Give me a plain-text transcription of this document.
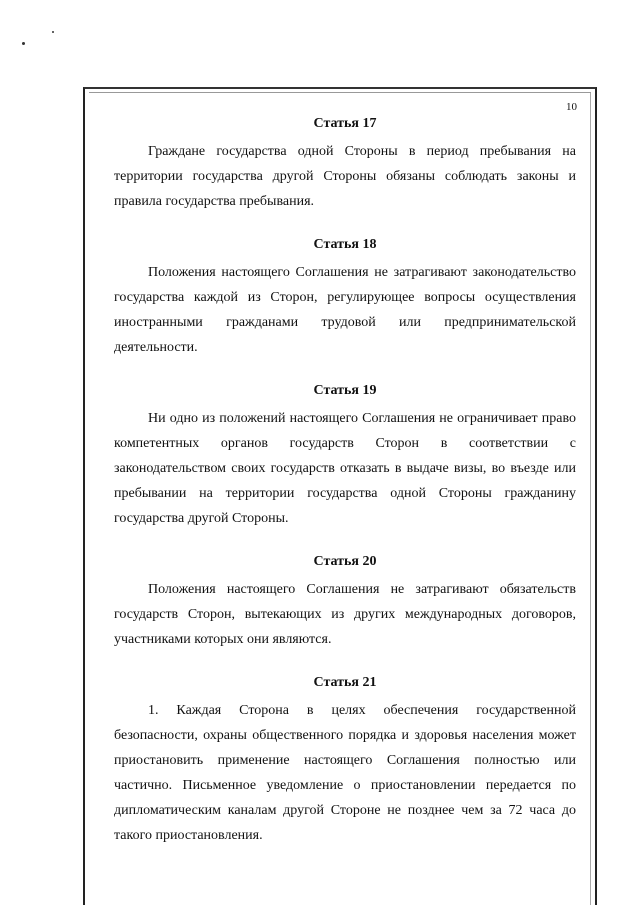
10

Статья 17

Граждане государства одной Стороны в период пребывания на территории государства другой Стороны обязаны соблюдать законы и правила государства пребывания.

Статья 18

Положения настоящего Соглашения не затрагивают законодательство государства каждой из Сторон, регулирующее вопросы осуществления иностранными гражданами трудовой или предпринимательской деятельности.

Статья 19

Ни одно из положений настоящего Соглашения не ограничивает право компетентных органов государств Сторон в соответствии с законодательством своих государств отказать в выдаче визы, во въезде или пребывании на территории государства одной Стороны гражданину государства другой Стороны.

Статья 20

Положения настоящего Соглашения не затрагивают обязательств государств Сторон, вытекающих из других международных договоров, участниками которых они являются.

Статья 21

1. Каждая Сторона в целях обеспечения государственной безопасности, охраны общественного порядка и здоровья населения может приостановить применение настоящего Соглашения полностью или частично. Письменное уведомление о приостановлении передается по дипломатическим каналам другой Стороне не позднее чем за 72 часа до такого приостановления.
